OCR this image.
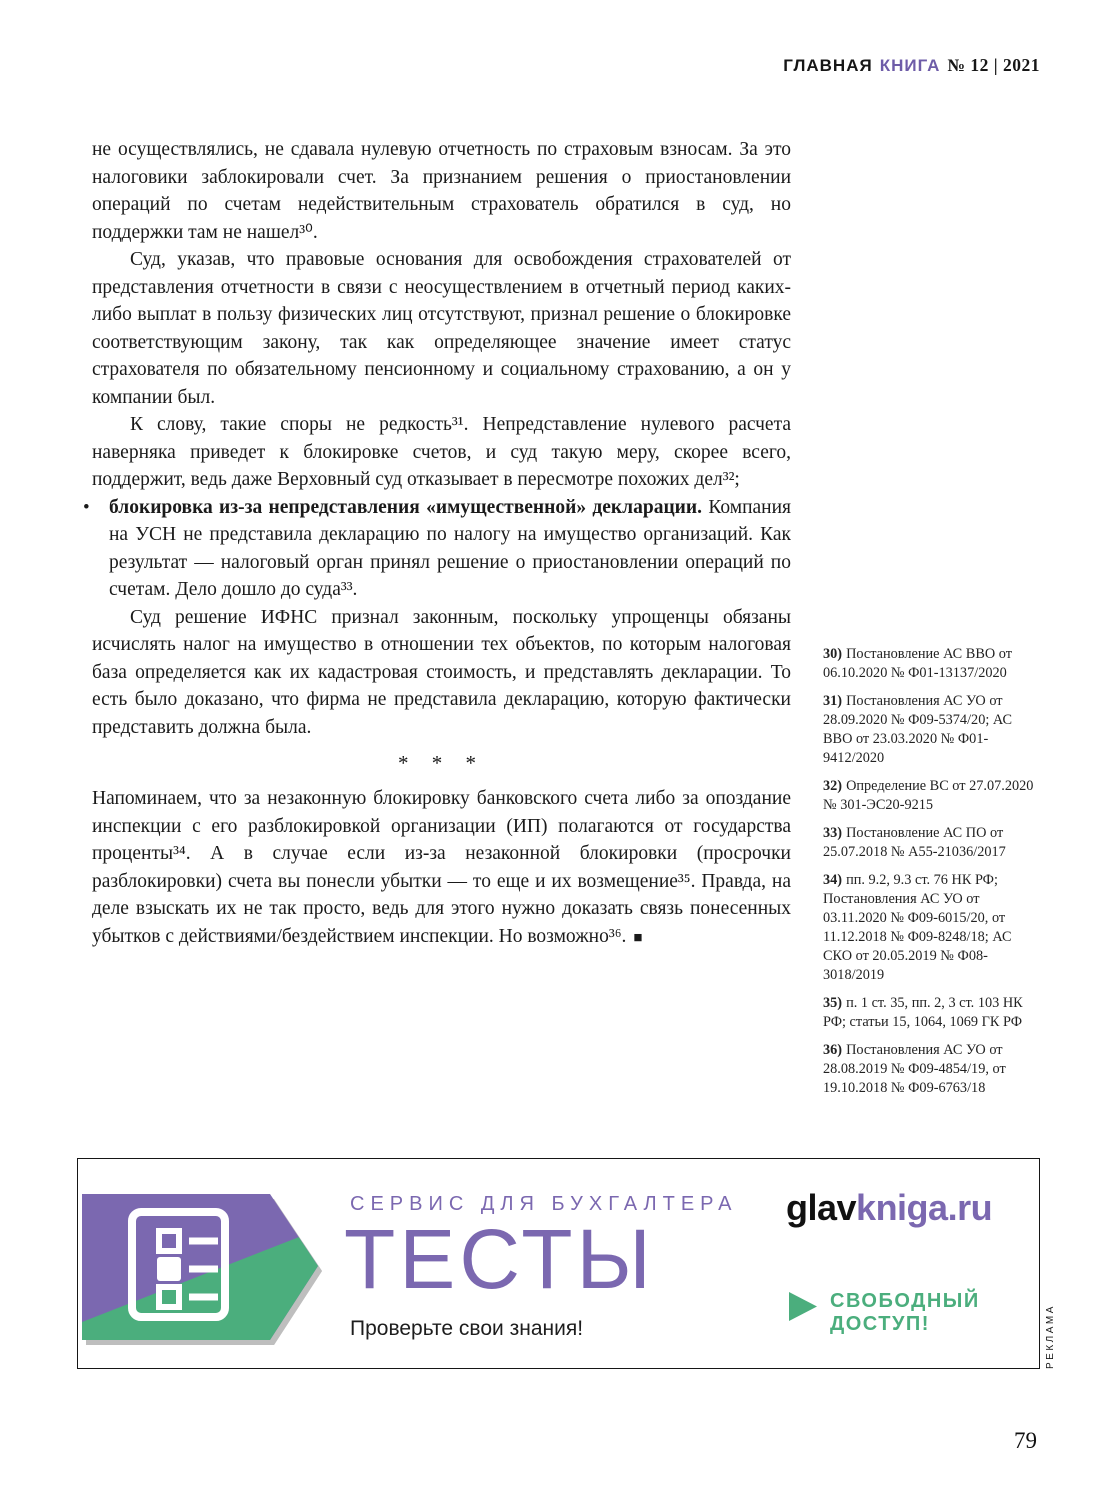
ГЛАВНАЯ КНИГА № 12 | 2021

не осуществлялись, не сдавала нулевую отчетность по страховым взносам. За это налоговики заблокировали счет. За признанием решения о приостановлении операций по счетам недействительным страхователь обратился в суд, но поддержки там не нашел³⁰.

Суд, указав, что правовые основания для освобождения страхователей от представления отчетности в связи с неосуществлением в отчетный период каких-либо выплат в пользу физических лиц отсутствуют, признал решение о блокировке соответствующим закону, так как определяющее значение имеет статус страхователя по обязательному пенсионному и социальному страхованию, а он у компании был.

К слову, такие споры не редкость³¹. Непредставление нулевого расчета наверняка приведет к блокировке счетов, и суд такую меру, скорее всего, поддержит, ведь даже Верховный суд отказывает в пересмотре похожих дел³²;

• блокировка из-за непредставления «имущественной» декларации. Компания на УСН не представила декларацию по налогу на имущество организаций. Как результат — налоговый орган принял решение о приостановлении операций по счетам. Дело дошло до суда³³.

Суд решение ИФНС признал законным, поскольку упрощенцы обязаны исчислять налог на имущество в отношении тех объектов, по которым налоговая база определяется как их кадастровая стоимость, и представлять декларации. То есть было доказано, что фирма не представила декларацию, которую фактически представить должна была.

* * *

Напоминаем, что за незаконную блокировку банковского счета либо за опоздание инспекции с его разблокировкой организации (ИП) полагаются от государства проценты³⁴. А в случае если из-за незаконной блокировки (просрочки разблокировки) счета вы понесли убытки — то еще и их возмещение³⁵. Правда, на деле взыскать их не так просто, ведь для этого нужно доказать связь понесенных убытков с действиями/бездействием инспекции. Но возможно³⁶. ■

30) Постановление АС ВВО от 06.10.2020 № Ф01-13137/2020
31) Постановления АС УО от 28.09.2020 № Ф09-5374/20; АС ВВО от 23.03.2020 № Ф01-9412/2020
32) Определение ВС от 27.07.2020 № 301-ЭС20-9215
33) Постановление АС ПО от 25.07.2018 № А55-21036/2017
34) пп. 9.2, 9.3 ст. 76 НК РФ; Постановления АС УО от 03.11.2020 № Ф09-6015/20, от 11.12.2018 № Ф09-8248/18; АС СКО от 20.05.2019 № Ф08-3018/2019
35) п. 1 ст. 35, пп. 2, 3 ст. 103 НК РФ; статьи 15, 1064, 1069 ГК РФ
36) Постановления АС УО от 28.08.2019 № Ф09-4854/19, от 19.10.2018 № Ф09-6763/18
СЕРВИС ДЛЯ БУХГАЛТЕРА
ТЕСТЫ
Проверьте свои знания!
glavkniga.ru
СВОБОДНЫЙ
ДОСТУП!	РЕКЛАМА
79
